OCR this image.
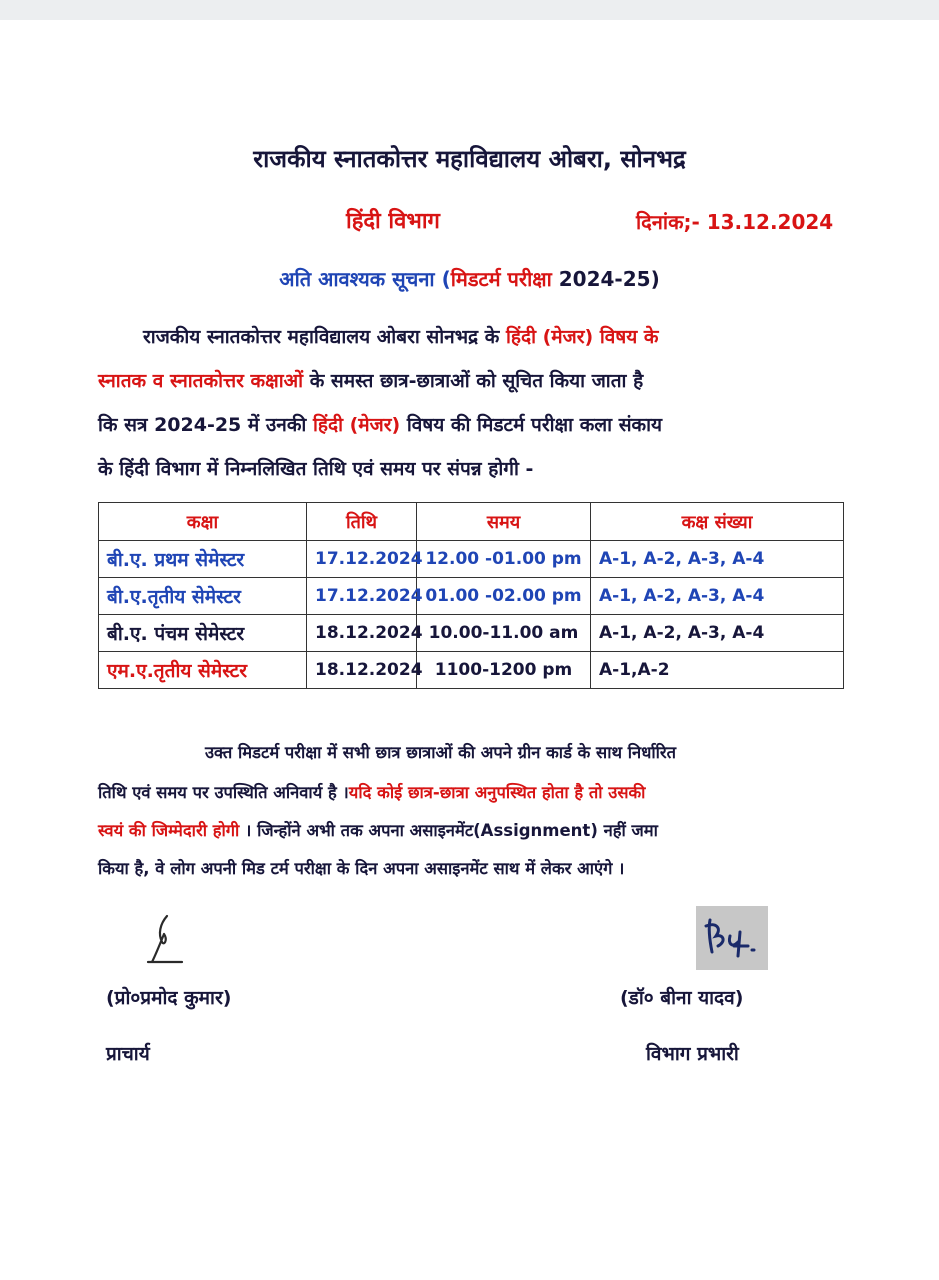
राजकीय स्नातकोत्तर महाविद्यालय ओबरा, सोनभद्र
हिंदी विभाग	दिनांक;- 13.12.2024
अति आवश्यक सूचना (मिडटर्म परीक्षा 2024-25)
राजकीय स्नातकोत्तर महाविद्यालय ओबरा सोनभद्र के हिंदी (मेजर) विषय के
स्नातक व स्नातकोत्तर कक्षाओं के समस्त छात्र-छात्राओं को सूचित किया जाता है
कि सत्र 2024-25 में उनकी हिंदी (मेजर) विषय की मिडटर्म परीक्षा कला संकाय
के हिंदी विभाग में निम्नलिखित तिथि एवं समय पर संपन्न होगी -
कक्षा	तिथि	समय	कक्ष संख्या
बी.ए. प्रथम सेमेस्टर	17.12.2024	12.00 -01.00 pm	A-1, A-2, A-3, A-4
बी.ए.तृतीय सेमेस्टर	17.12.2024	01.00 -02.00 pm	A-1, A-2, A-3, A-4
बी.ए. पंचम सेमेस्टर	18.12.2024	10.00-11.00 am	A-1, A-2, A-3, A-4
एम.ए.तृतीय सेमेस्टर	18.12.2024	1100-1200 pm	A-1,A-2
उक्त मिडटर्म परीक्षा में सभी छात्र छात्राओं की अपने ग्रीन कार्ड के साथ निर्धारित
तिथि एवं समय पर उपस्थिति अनिवार्य है ।यदि कोई छात्र-छात्रा अनुपस्थित होता है तो उसकी
स्वयं की जिम्मेदारी होगी । जिन्होंने अभी तक अपना असाइनमेंट(Assignment) नहीं जमा
किया है, वे लोग अपनी मिड टर्म परीक्षा के दिन अपना असाइनमेंट साथ में लेकर आएंगे ।
(प्रो०प्रमोद कुमार)	(डॉ० बीना यादव)
प्राचार्य	विभाग प्रभारी
